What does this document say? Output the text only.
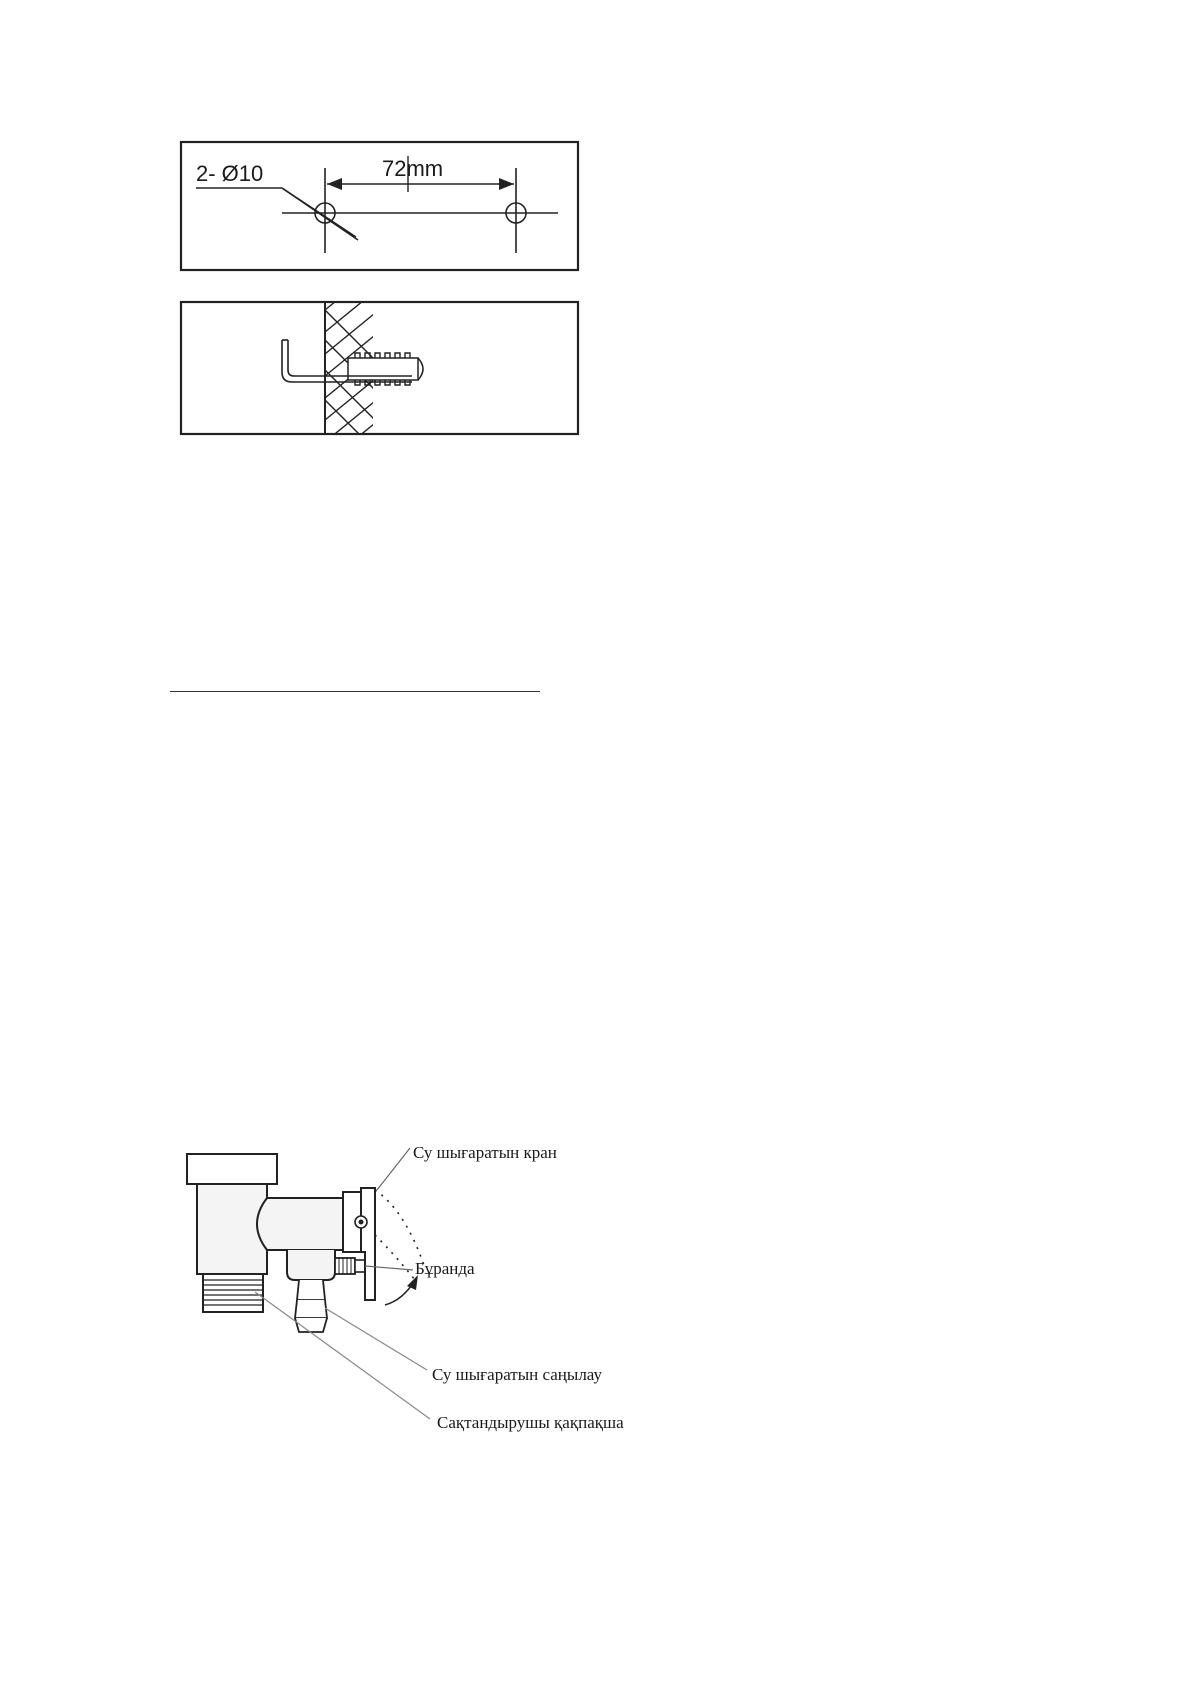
2- Ø10	72mm
Су шығаратын кран
Бұранда
Су шығаратын саңылау
Сақтандырушы қақпақша
